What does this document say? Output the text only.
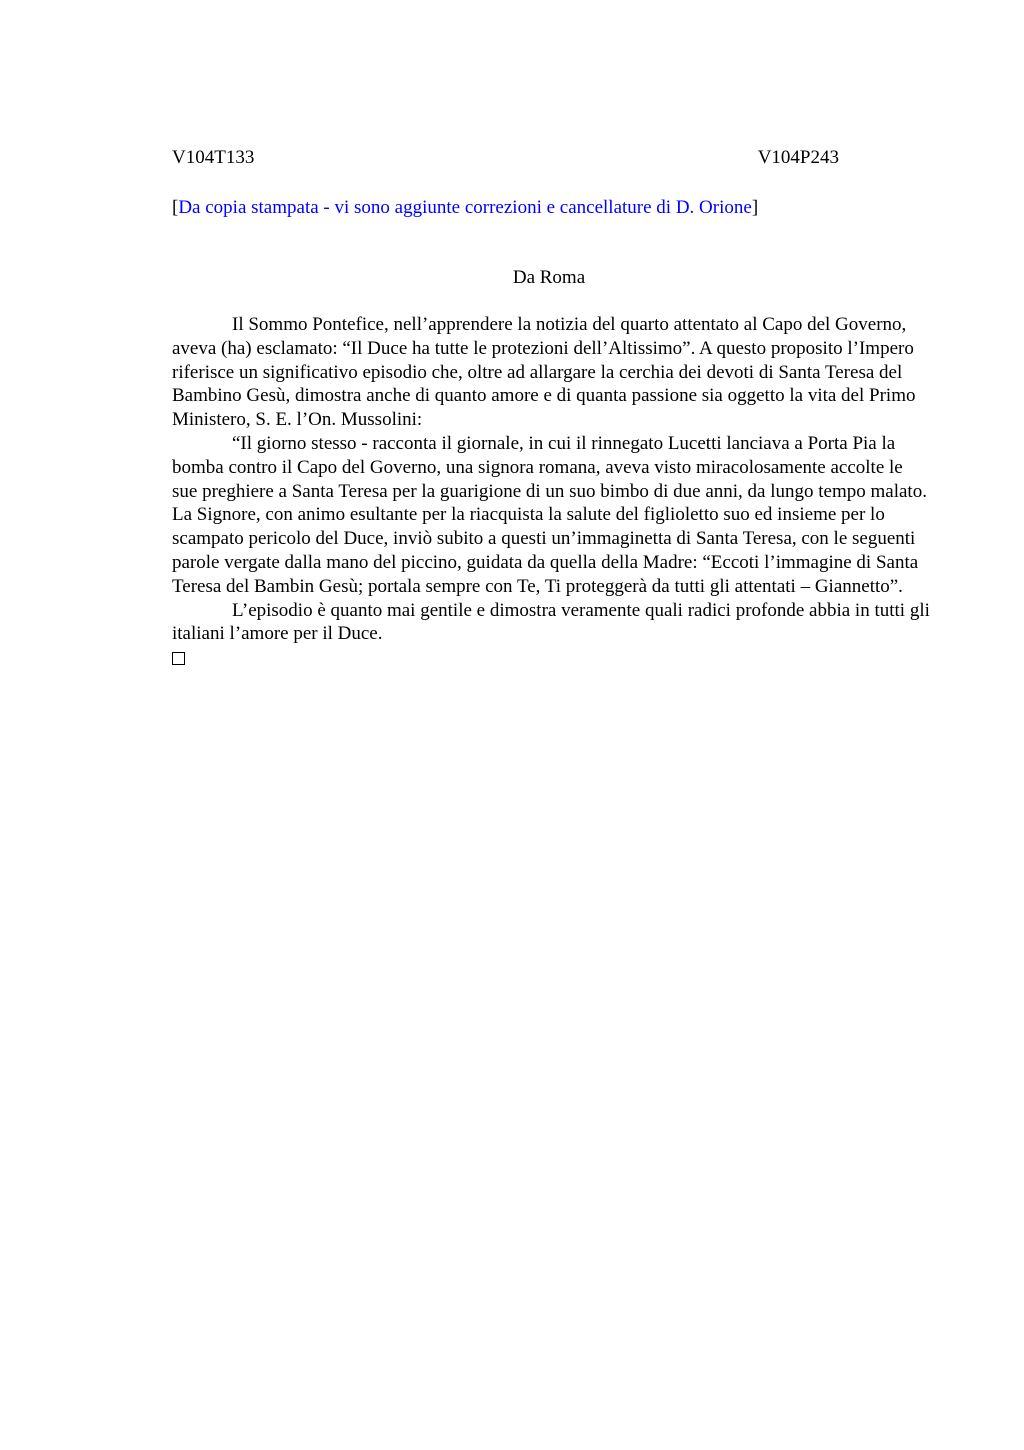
V104T133	V104P243
[Da copia stampata - vi sono aggiunte correzioni e cancellature di D. Orione]
Da Roma

Il Sommo Pontefice, nell’apprendere la notizia del quarto attentato al Capo del Governo, aveva (ha) esclamato: “Il Duce ha tutte le protezioni dell’Altissimo”. A questo proposito l’Impero riferisce un significativo episodio che, oltre ad allargare la cerchia dei devoti di Santa Teresa del Bambino Gesù, dimostra anche di quanto amore e di quanta passione sia oggetto la vita del Primo Ministero, S. E. l’On. Mussolini:

“Il giorno stesso - racconta il giornale, in cui il rinnegato Lucetti lanciava a Porta Pia la bomba contro il Capo del Governo, una signora romana, aveva visto miracolosamente accolte le sue preghiere a Santa Teresa per la guarigione di un suo bimbo di due anni, da lungo tempo malato. La Signore, con animo esultante per la riacquista la salute del figlioletto suo ed insieme per lo scampato pericolo del Duce, inviò subito a questi un’immaginetta di Santa Teresa, con le seguenti parole vergate dalla mano del piccino, guidata da quella della Madre: “Eccoti l’immagine di Santa Teresa del Bambin Gesù; portala sempre con Te, Ti proteggerà da tutti gli attentati – Giannetto”.

L’episodio è quanto mai gentile e dimostra veramente quali radici profonde abbia in tutti gli italiani l’amore per il Duce.
